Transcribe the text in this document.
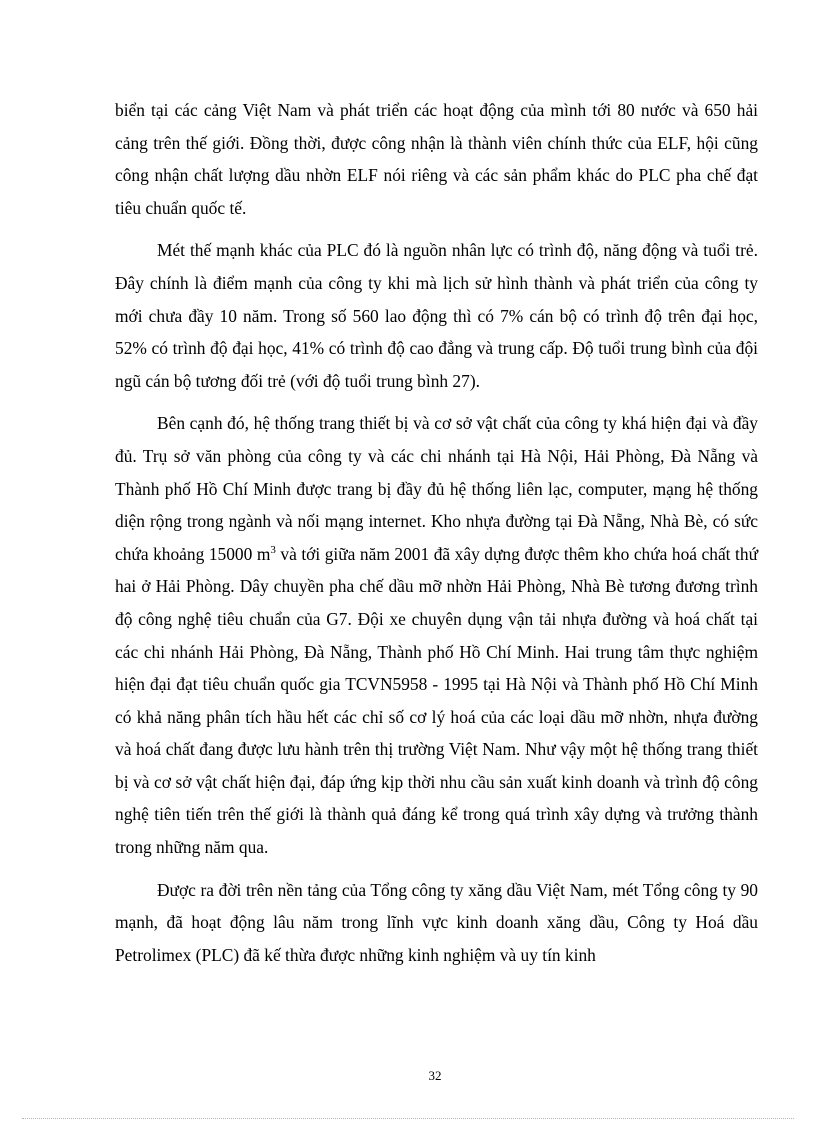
biển tại các cảng Việt Nam và phát triển các hoạt động của mình tới 80 nước và 650 hải cảng trên thế giới. Đồng thời, được công nhận là thành viên chính thức của ELF, hội cũng công nhận chất lượng dầu nhờn ELF nói riêng và các sản phẩm khác do PLC pha chế đạt tiêu chuẩn quốc tế.

Mét thế mạnh khác của PLC đó là nguồn nhân lực có trình độ, năng động và tuổi trẻ. Đây chính là điểm mạnh của công ty khi mà lịch sử hình thành và phát triển của công ty mới chưa đầy 10 năm. Trong số 560 lao động thì có 7% cán bộ có trình độ trên đại học, 52% có trình độ đại học, 41% có trình độ cao đẳng và trung cấp. Độ tuổi trung bình của đội ngũ cán bộ tương đối trẻ (với độ tuổi trung bình 27).

Bên cạnh đó, hệ thống trang thiết bị và cơ sở vật chất của công ty khá hiện đại và đầy đủ. Trụ sở văn phòng của công ty và các chi nhánh tại Hà Nội, Hải Phòng, Đà Nẵng và Thành phố Hồ Chí Minh được trang bị đầy đủ hệ thống liên lạc, computer, mạng hệ thống diện rộng trong ngành và nối mạng internet. Kho nhựa đường tại Đà Nẵng, Nhà Bè, có sức chứa khoảng 15000 $m^3$ và tới giữa năm 2001 đã xây dựng được thêm kho chứa hoá chất thứ hai ở Hải Phòng. Dây chuyền pha chế dầu mỡ nhờn Hải Phòng, Nhà Bè tương đương trình độ công nghệ tiêu chuẩn của G7. Đội xe chuyên dụng vận tải nhựa đường và hoá chất tại các chi nhánh Hải Phòng, Đà Nẵng, Thành phố Hồ Chí Minh. Hai trung tâm thực nghiệm hiện đại đạt tiêu chuẩn quốc gia TCVN5958 - 1995 tại Hà Nội và Thành phố Hồ Chí Minh có khả năng phân tích hầu hết các chỉ số cơ lý hoá của các loại dầu mỡ nhờn, nhựa đường và hoá chất đang được lưu hành trên thị trường Việt Nam. Như vậy một hệ thống trang thiết bị và cơ sở vật chất hiện đại, đáp ứng kịp thời nhu cầu sản xuất kinh doanh và trình độ công nghệ tiên tiến trên thế giới là thành quả đáng kể trong quá trình xây dựng và trưởng thành trong những năm qua.

Được ra đời trên nền tảng của Tổng công ty xăng dầu Việt Nam, mét Tổng công ty 90 mạnh, đã hoạt động lâu năm trong lĩnh vực kinh doanh xăng dầu, Công ty Hoá dầu Petrolimex (PLC) đã kế thừa được những kinh nghiệm và uy tín kinh

32
